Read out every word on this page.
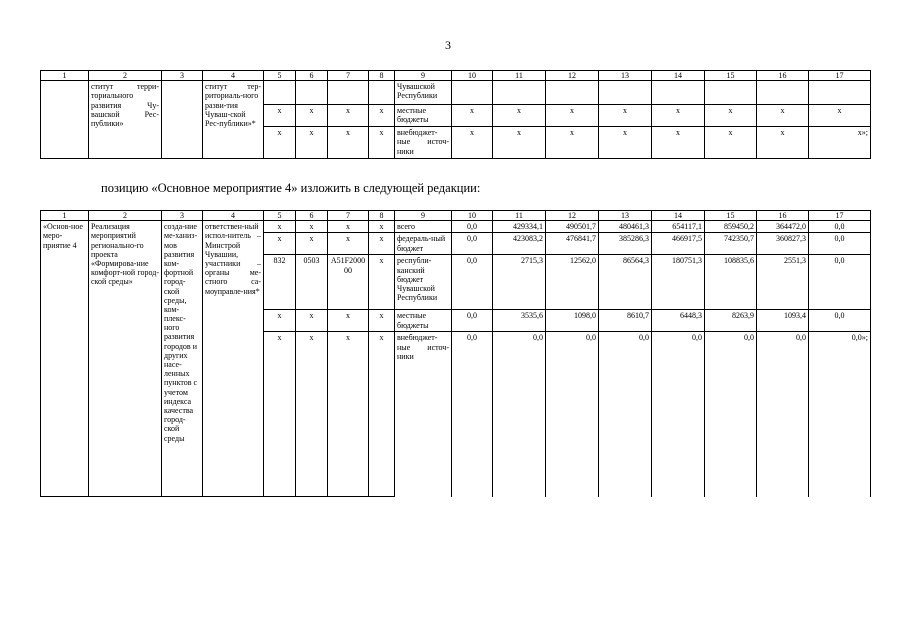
3
1	2	3	4	5	6	7	8	9	10	11	12	13	14	15	16	17
	ститут терри-ториального развития Чу-вашской Рес-публики»		ститут тер-риториаль-ного разви-тия Чуваш-ской Рес-публики»*					Чувашской Республики								
				x	x	x	x	местные бюджеты	x	x	x	x	x	x	x	x
				x	x	x	x	внебюджет-ные источ-ники	x	x	x	x	x	x	x	x»;
позицию «Основное мероприятие 4» изложить в следующей редакции:
1	2	3	4	5	6	7	8	9	10	11	12	13	14	15	16	17
«Основ-ное меро-приятие 4	Реализация мероприятий регионально-го проекта «Формирова-ние комфорт-ной город-ской среды»	созда-ние ме-ханиз-мов развития ком-фортной город-ской среды, ком-плекс-ного развития городов и других насе-ленных пунктов с учетом индекса качества город-ской среды	ответствен-ный испол-нитель – Минстрой Чувашии, участники – органы ме-стного са-моуправле-ния*	x	x	x	x	всего	0,0	429334,1	490501,7	480461,3	654117,1	859450,2	364472,0	0,0
				x	x	x	x	федераль-ный бюджет	0,0	423083,2	476841,7	385286,3	466917,5	742350,7	360827,3	0,0
				832	0503	A51F200000	x	республи-канский бюджет Чувашской Республики	0,0	2715,3	12562,0	86564,3	180751,3	108835,6	2551,3	0,0
				x	x	x	x	местные бюджеты	0,0	3535,6	1098,0	8610,7	6448,3	8263,9	1093,4	0,0
				x	x	x	x	внебюджет-ные источ-ники	0,0	0,0	0,0	0,0	0,0	0,0	0,0	0,0»;
